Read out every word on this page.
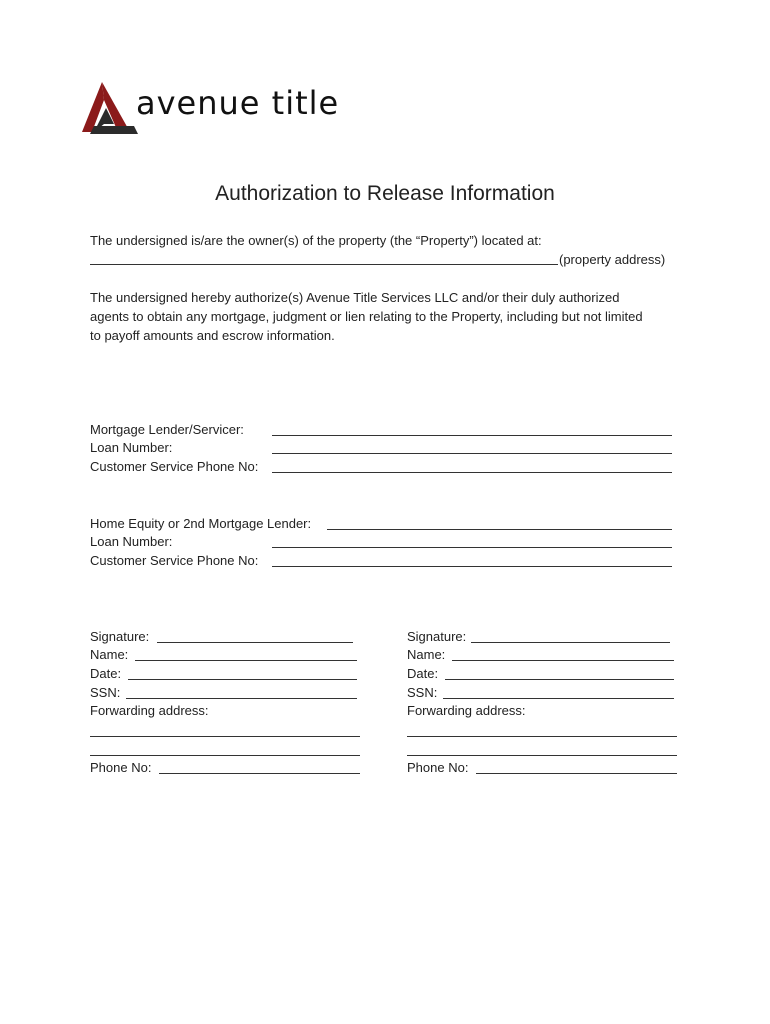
avenue title
Authorization to Release Information
The undersigned is/are the owner(s) of the property (the “Property”) located at:
(property address)
The undersigned hereby authorize(s) Avenue Title Services LLC and/or their duly authorized
agents to obtain any mortgage, judgment or lien relating to the Property, including but not limited
to payoff amounts and escrow information.
Mortgage Lender/Servicer:
Loan Number:
Customer Service Phone No:
Home Equity or 2nd Mortgage Lender:
Loan Number:
Customer Service Phone No:
Signature:
Name:
Date:
SSN:
Forwarding address:
Phone No:
Signature:
Name:
Date:
SSN:
Forwarding address:
Phone No:
